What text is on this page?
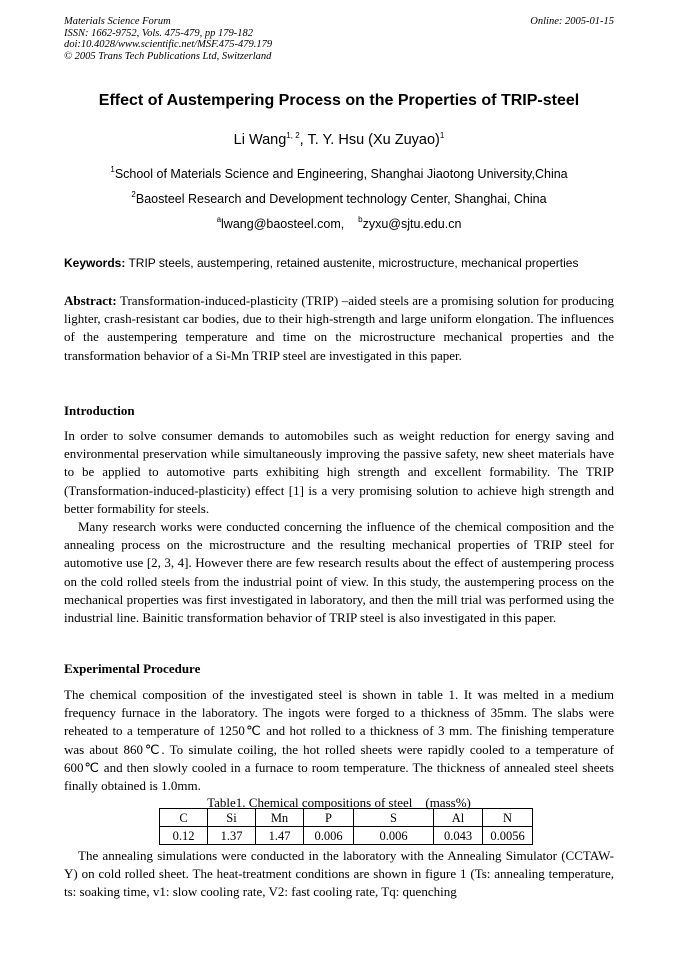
Materials Science Forum
ISSN: 1662-9752, Vols. 475-479, pp 179-182
doi:10.4028/www.scientific.net/MSF.475-479.179
© 2005 Trans Tech Publications Ltd, Switzerland
Online: 2005-01-15
Effect of Austempering Process on the Properties of TRIP-steel
Li Wang$^{1, 2}$, T. Y. Hsu (Xu Zuyao)$^1$
$^1$School of Materials Science and Engineering, Shanghai Jiaotong University,China
$^2$Baosteel Research and Development technology Center, Shanghai, China
$^a$lwang@baosteel.com, $^b$zyxu@sjtu.edu.cn
Keywords: TRIP steels, austempering, retained austenite, microstructure, mechanical properties
Abstract: Transformation-induced-plasticity (TRIP) –aided steels are a promising solution for producing lighter, crash-resistant car bodies, due to their high-strength and large uniform elongation. The influences of the austempering temperature and time on the microstructure mechanical properties and the transformation behavior of a Si-Mn TRIP steel are investigated in this paper.
Introduction
In order to solve consumer demands to automobiles such as weight reduction for energy saving and environmental preservation while simultaneously improving the passive safety, new sheet materials have to be applied to automotive parts exhibiting high strength and excellent formability. The TRIP (Transformation-induced-plasticity) effect [1] is a very promising solution to achieve high strength and better formability for steels.
Many research works were conducted concerning the influence of the chemical composition and the annealing process on the microstructure and the resulting mechanical properties of TRIP steel for automotive use [2, 3, 4]. However there are few research results about the effect of austempering process on the cold rolled steels from the industrial point of view. In this study, the austempering process on the mechanical properties was first investigated in laboratory, and then the mill trial was performed using the industrial line. Bainitic transformation behavior of TRIP steel is also investigated in this paper.
Experimental Procedure
The chemical composition of the investigated steel is shown in table 1. It was melted in a medium frequency furnace in the laboratory. The ingots were forged to a thickness of 35mm. The slabs were reheated to a temperature of 1250℃ and hot rolled to a thickness of 3 mm. The finishing temperature was about 860℃. To simulate coiling, the hot rolled sheets were rapidly cooled to a temperature of 600℃ and then slowly cooled in a furnace to room temperature. The thickness of annealed steel sheets finally obtained is 1.0mm.
Table1. Chemical compositions of steel　(mass%)
C	Si	Mn	P	S	Al	N
0.12	1.37	1.47	0.006	0.006	0.043	0.0056
The annealing simulations were conducted in the laboratory with the Annealing Simulator (CCTAW-Y) on cold rolled sheet. The heat-treatment conditions are shown in figure 1 (Ts: annealing temperature, ts: soaking time, v1: slow cooling rate, V2: fast cooling rate, Tq: quenching
